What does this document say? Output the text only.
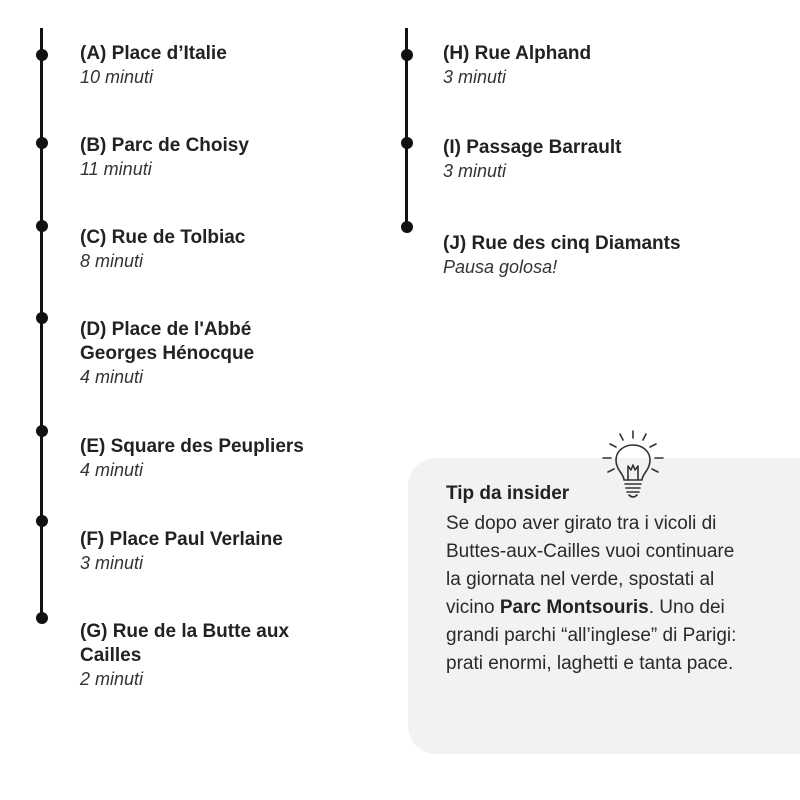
(A) Place d’Italie
10 minuti
(B) Parc de Choisy
11 minuti
(C) Rue de Tolbiac
8 minuti
(D) Place de l'Abbé
Georges Hénocque
4 minuti
(E) Square des Peupliers
4 minuti
(F) Place Paul Verlaine
3 minuti
(G) Rue de la Butte aux
Cailles
2 minuti
(H) Rue Alphand
3 minuti
(I) Passage Barrault
3 minuti
(J) Rue des cinq Diamants
Pausa golosa!
Tip da insider
Se dopo aver girato tra i vicoli di Buttes-aux-Cailles vuoi continuare la giornata nel verde, spostati al vicino Parc Montsouris. Uno dei grandi parchi “all’inglese” di Parigi: prati enormi, laghetti e tanta pace.
